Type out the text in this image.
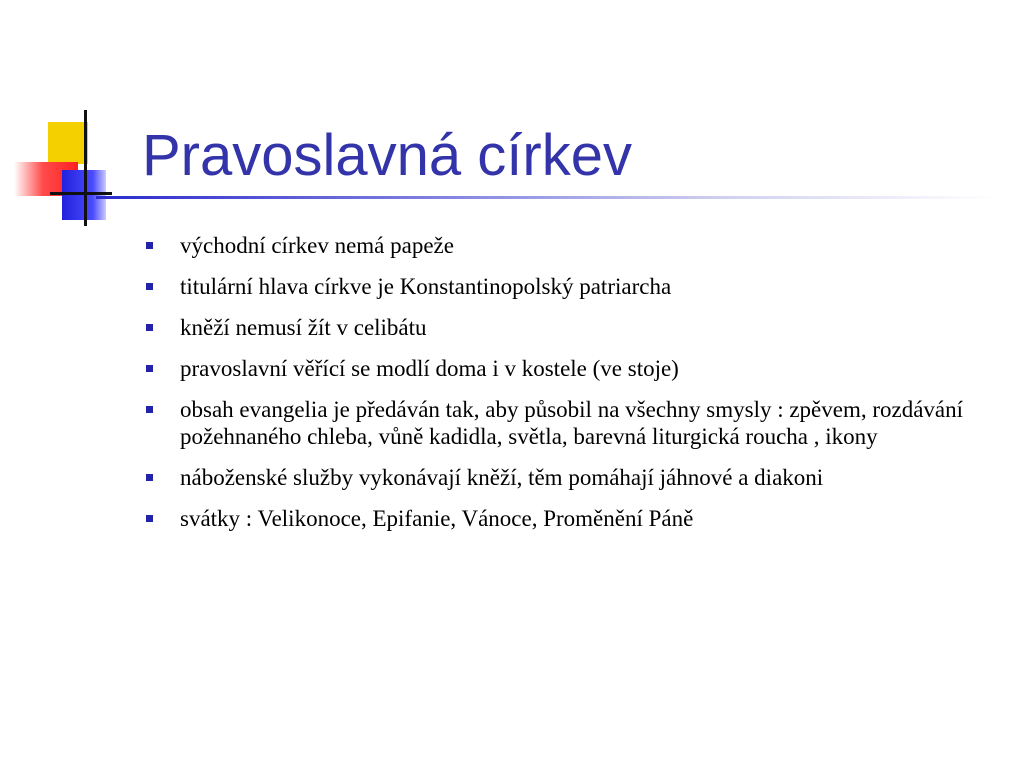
Pravoslavná církev
východní církev nemá papeže
titulární hlava církve je Konstantinopolský patriarcha
kněží nemusí žít v celibátu
pravoslavní věřící se modlí doma i v kostele (ve stoje)
obsah evangelia je předáván tak, aby působil na všechny smysly : zpěvem, rozdávání požehnaného chleba, vůně kadidla, světla, barevná liturgická roucha , ikony
náboženské služby vykonávají kněží, těm pomáhají jáhnové a diakoni
svátky : Velikonoce, Epifanie, Vánoce, Proměnění Páně
